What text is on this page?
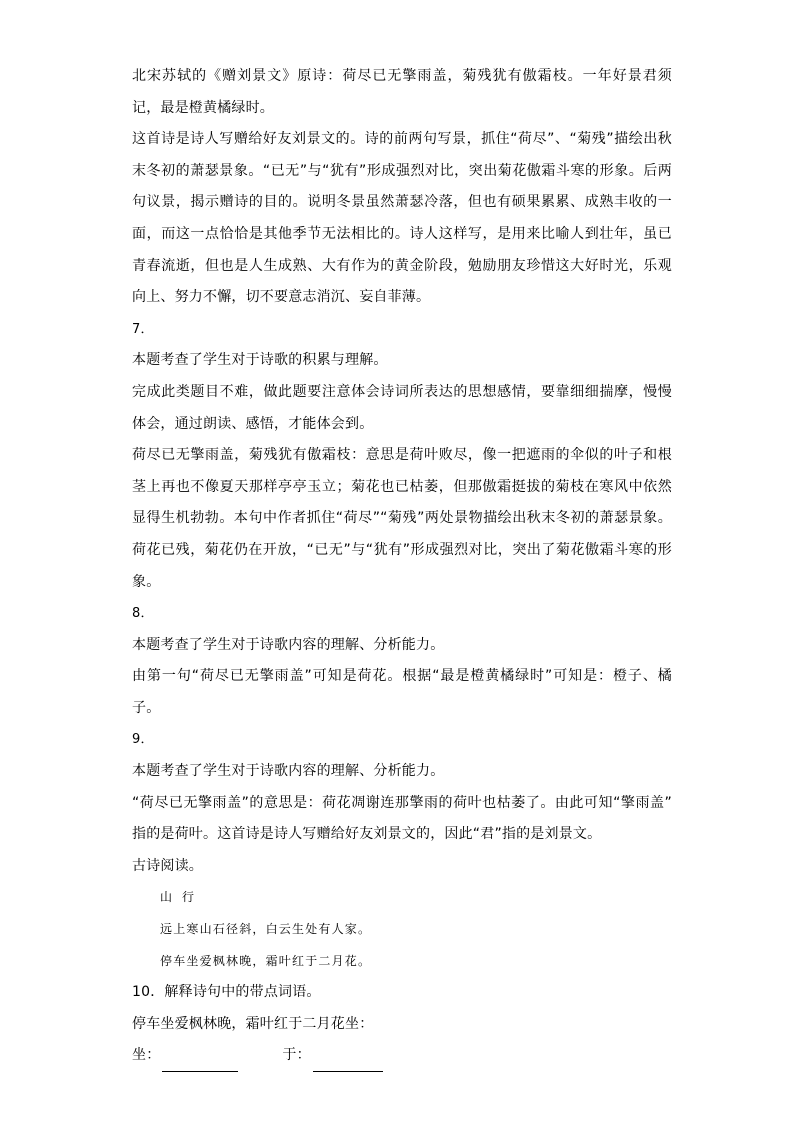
北宋苏轼的《赠刘景文》原诗：荷尽已无擎雨盖，菊残犹有傲霜枝。一年好景君须
记，最是橙黄橘绿时。
这首诗是诗人写赠给好友刘景文的。诗的前两句写景，抓住“荷尽”、“菊残”描绘出秋
末冬初的萧瑟景象。“已无”与“犹有”形成强烈对比，突出菊花傲霜斗寒的形象。后两
句议景，揭示赠诗的目的。说明冬景虽然萧瑟冷落，但也有硕果累累、成熟丰收的一
面，而这一点恰恰是其他季节无法相比的。诗人这样写，是用来比喻人到壮年，虽已
青春流逝，但也是人生成熟、大有作为的黄金阶段，勉励朋友珍惜这大好时光，乐观
向上、努力不懈，切不要意志消沉、妄自菲薄。
7．
本题考查了学生对于诗歌的积累与理解。
完成此类题目不难，做此题要注意体会诗词所表达的思想感情，要靠细细揣摩，慢慢
体会，通过朗读、感悟，才能体会到。
荷尽已无擎雨盖，菊残犹有傲霜枝：意思是荷叶败尽，像一把遮雨的伞似的叶子和根
茎上再也不像夏天那样亭亭玉立；菊花也已枯萎，但那傲霜挺拔的菊枝在寒风中依然
显得生机勃勃。本句中作者抓住“荷尽”“菊残”两处景物描绘出秋末冬初的萧瑟景象。
荷花已残，菊花仍在开放，“已无”与“犹有”形成强烈对比，突出了菊花傲霜斗寒的形
象。
8．
本题考查了学生对于诗歌内容的理解、分析能力。
由第一句“荷尽已无擎雨盖”可知是荷花。根据“最是橙黄橘绿时”可知是：橙子、橘
子。
9．
本题考查了学生对于诗歌内容的理解、分析能力。
“荷尽已无擎雨盖”的意思是：荷花凋谢连那擎雨的荷叶也枯萎了。由此可知“擎雨盖”
指的是荷叶。这首诗是诗人写赠给好友刘景文的，因此“君”指的是刘景文。
古诗阅读。
山行
远上寒山石径斜，白云生处有人家。
停车坐爱枫林晚，霜叶红于二月花。
10．解释诗句中的带点词语。
停车坐爱枫林晚，霜叶红于二月花坐：
坐：	于：
